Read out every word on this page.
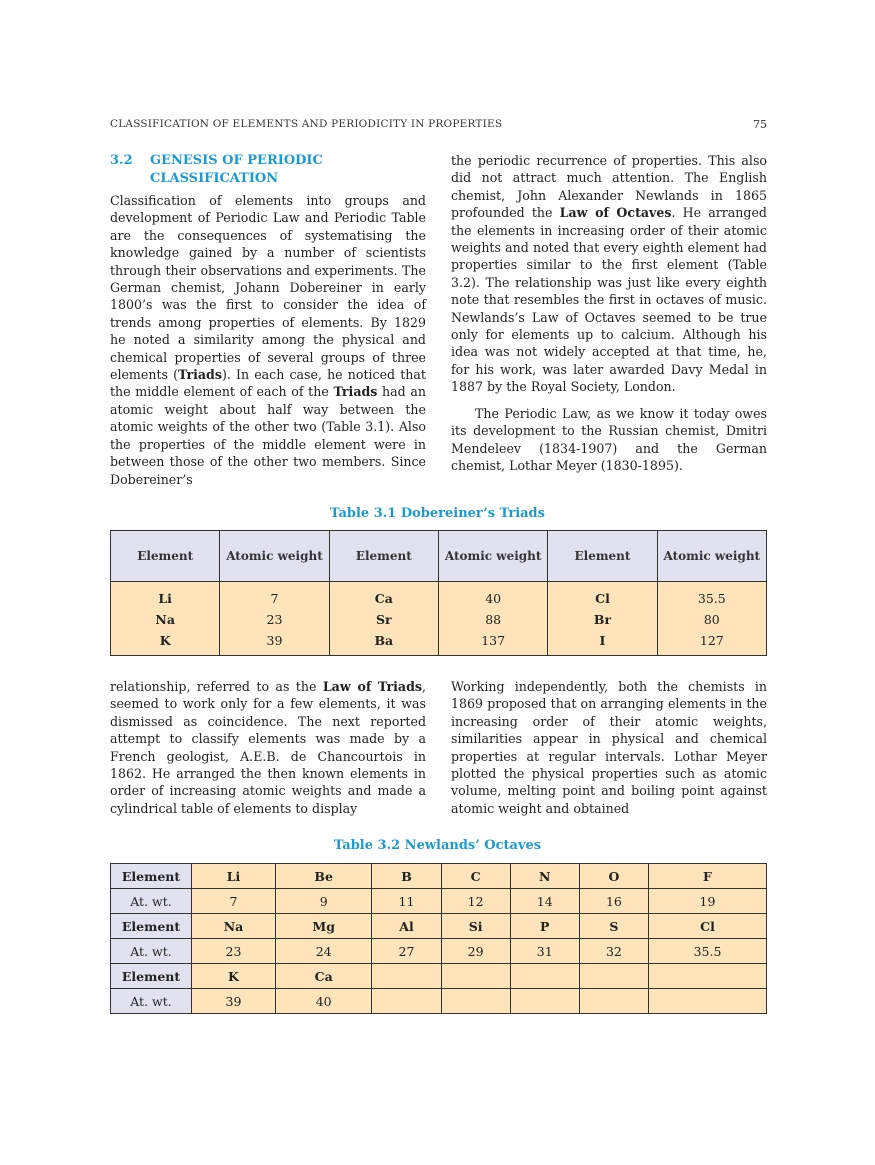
CLASSIFICATION OF ELEMENTS AND PERIODICITY IN PROPERTIES	75
3.2 GENESIS OF PERIODIC
CLASSIFICATION

Classification of elements into groups and development of Periodic Law and Periodic Table are the consequences of systematising the knowledge gained by a number of scientists through their observations and experiments. The German chemist, Johann Dobereiner in early 1800’s was the first to consider the idea of trends among properties of elements. By 1829 he noted a similarity among the physical and chemical properties of several groups of three elements (Triads). In each case, he noticed that the middle element of each of the Triads had an atomic weight about half way between the atomic weights of the other two (Table 3.1). Also the properties of the middle element were in between those of the other two members. Since Dobereiner’s

the periodic recurrence of properties. This also did not attract much attention. The English chemist, John Alexander Newlands in 1865 profounded the Law of Octaves. He arranged the elements in increasing order of their atomic weights and noted that every eighth element had properties similar to the first element (Table 3.2). The relationship was just like every eighth note that resembles the first in octaves of music. Newlands’s Law of Octaves seemed to be true only for elements up to calcium. Although his idea was not widely accepted at that time, he, for his work, was later awarded Davy Medal in 1887 by the Royal Society, London.

The Periodic Law, as we know it today owes its development to the Russian chemist, Dmitri Mendeleev (1834-1907) and the German chemist, Lothar Meyer (1830-1895).

Table 3.1 Dobereiner’s Triads
Element	Atomic weight	Element	Atomic weight	Element	Atomic weight
Li	7	Ca	40	Cl	35.5
Na	23	Sr	88	Br	80
K	39	Ba	137	I	127

relationship, referred to as the Law of Triads, seemed to work only for a few elements, it was dismissed as coincidence. The next reported attempt to classify elements was made by a French geologist, A.E.B. de Chancourtois in 1862. He arranged the then known elements in order of increasing atomic weights and made a cylindrical table of elements to display

Working independently, both the chemists in 1869 proposed that on arranging elements in the increasing order of their atomic weights, similarities appear in physical and chemical properties at regular intervals. Lothar Meyer plotted the physical properties such as atomic volume, melting point and boiling point against atomic weight and obtained

Table 3.2 Newlands’ Octaves
Element	Li	Be	B	C	N	O	F
At. wt.	7	9	11	12	14	16	19
Element	Na	Mg	Al	Si	P	S	Cl
At. wt.	23	24	27	29	31	32	35.5
Element	K	Ca					
At. wt.	39	40					
